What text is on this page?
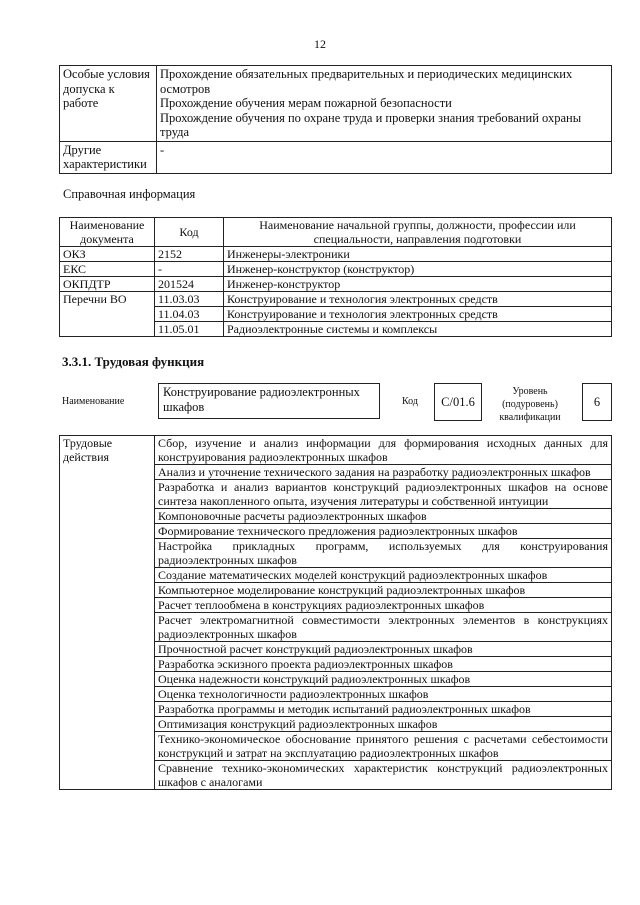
12
Особые условия допуска к работе	Прохождение обязательных предварительных и периодических медицинских осмотров

Прохождение обучения мерам пожарной безопасности

Прохождение обучения по охране труда и проверки знания требований охраны труда

Другие характеристики	-
Справочная информация
Наименование документа	Код	Наименование начальной группы, должности, профессии или специальности, направления подготовки
ОКЗ	2152	Инженеры-электроники
ЕКС	-	Инженер-конструктор (конструктор)
ОКПДТР	201524	Инженер-конструктор
Перечни ВО	11.03.03	Конструирование и технология электронных средств
	11.04.03	Конструирование и технология электронных средств
	11.05.01	Радиоэлектронные системы и комплексы
3.3.1. Трудовая функция
Наименование
Конструирование радиоэлектронных шкафов	Код	C/01.6
Уровень (подуровень) квалификации
6
Трудовые действия	Сбор, изучение и анализ информации для формирования исходных данных для конструирования радиоэлектронных шкафов
Анализ и уточнение технического задания на разработку радиоэлектронных шкафов
Разработка и анализ вариантов конструкций радиоэлектронных шкафов на основе синтеза накопленного опыта, изучения литературы и собственной интуиции
Компоновочные расчеты радиоэлектронных шкафов
Формирование технического предложения радиоэлектронных шкафов
Настройка прикладных программ, используемых для конструирования радиоэлектронных шкафов
Создание математических моделей конструкций радиоэлектронных шкафов
Компьютерное моделирование конструкций радиоэлектронных шкафов
Расчет теплообмена в конструкциях радиоэлектронных шкафов
Расчет электромагнитной совместимости электронных элементов в конструкциях радиоэлектронных шкафов
Прочностной расчет конструкций радиоэлектронных шкафов
Разработка эскизного проекта радиоэлектронных шкафов
Оценка надежности конструкций радиоэлектронных шкафов
Оценка технологичности радиоэлектронных шкафов
Разработка программы и методик испытаний радиоэлектронных шкафов
Оптимизация конструкций радиоэлектронных шкафов
Технико-экономическое обоснование принятого решения с расчетами себестоимости конструкций и затрат на эксплуатацию радиоэлектронных шкафов
Сравнение технико-экономических характеристик конструкций радиоэлектронных шкафов с аналогами
